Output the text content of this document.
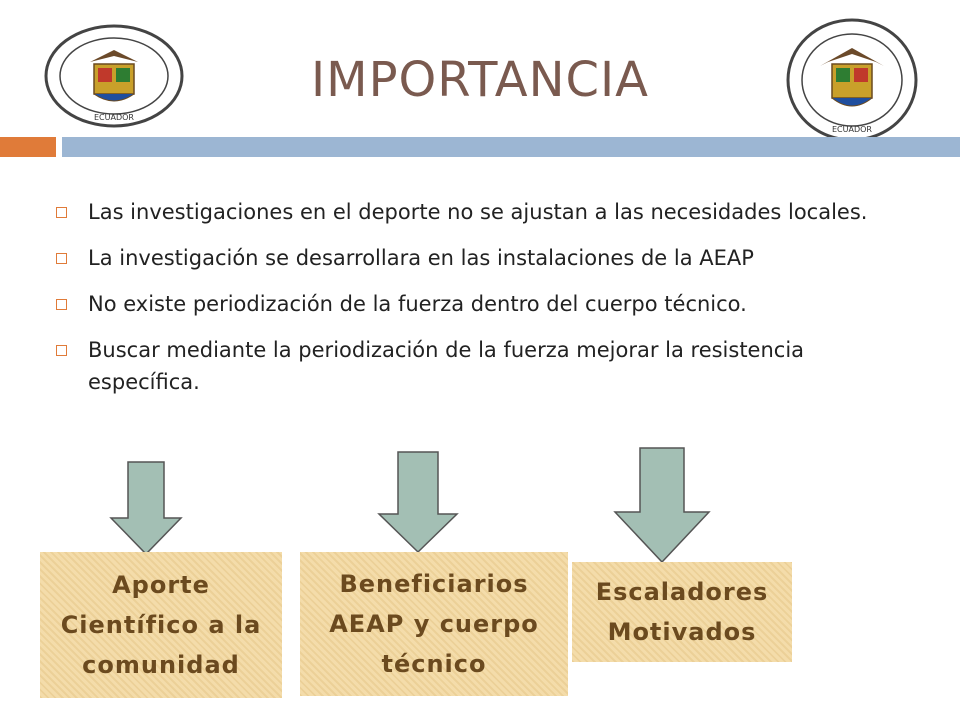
ECUADOR
IMPORTANCIA
ECUADOR
Las investigaciones en el deporte no se ajustan a las necesidades locales.
La investigación se desarrollara en las instalaciones de la AEAP
No existe periodización de la fuerza dentro del cuerpo técnico.
Buscar mediante la periodización de la fuerza mejorar la resistencia específica.
Aporte
Científico a la
comunidad
Beneficiarios
AEAP y cuerpo
técnico
Escaladores
Motivados
